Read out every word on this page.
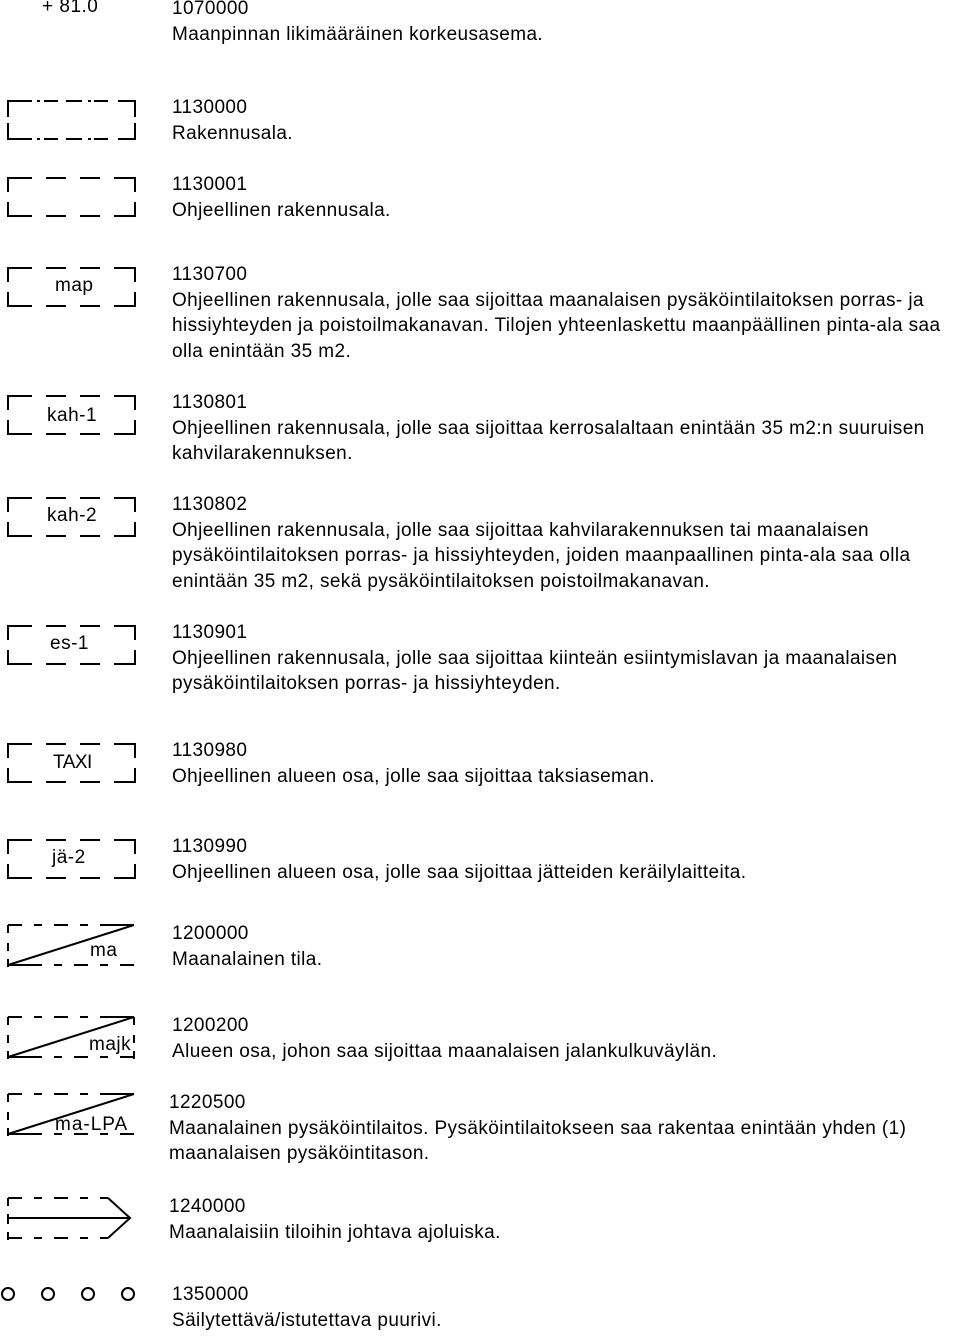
+ 81.0	1070000
Maanpinnan likimääräinen korkeusasema.
1130000
Rakennusala.
1130001
Ohjeellinen rakennusala.
map
1130700
Ohjeellinen rakennusala, jolle saa sijoittaa maanalaisen pysäköintilaitoksen porras- ja hissiyhteyden ja poistoilmakanavan. Tilojen yhteenlaskettu maanpäällinen pinta-ala saa olla enintään 35 m2.
kah-1
1130801
Ohjeellinen rakennusala, jolle saa sijoittaa kerrosalaltaan enintään 35 m2:n suuruisen kahvilarakennuksen.
kah-2
1130802
Ohjeellinen rakennusala, jolle saa sijoittaa kahvilarakennuksen tai maanalaisen pysäköintilaitoksen porras- ja hissiyhteyden, joiden maanpaallinen pinta-ala saa olla enintään 35 m2, sekä pysäköintilaitoksen poistoilmakanavan.
es-1
1130901
Ohjeellinen rakennusala, jolle saa sijoittaa kiinteän esiintymislavan ja maanalaisen pysäköintilaitoksen porras- ja hissiyhteyden.
TAXI
1130980
Ohjeellinen alueen osa, jolle saa sijoittaa taksiaseman.
jä-2
1130990
Ohjeellinen alueen osa, jolle saa sijoittaa jätteiden keräilylaitteita.
ma
1200000
Maanalainen tila.
majk
1200200
Alueen osa, johon saa sijoittaa maanalaisen jalankulkuväylän.
ma-LPA
1220500
Maanalainen pysäköintilaitos. Pysäköintilaitokseen saa rakentaa enintään yhden (1) maanalaisen pysäköintitason.
1240000
Maanalaisiin tiloihin johtava ajoluiska.
1350000
Säilytettävä/istutettava puurivi.
